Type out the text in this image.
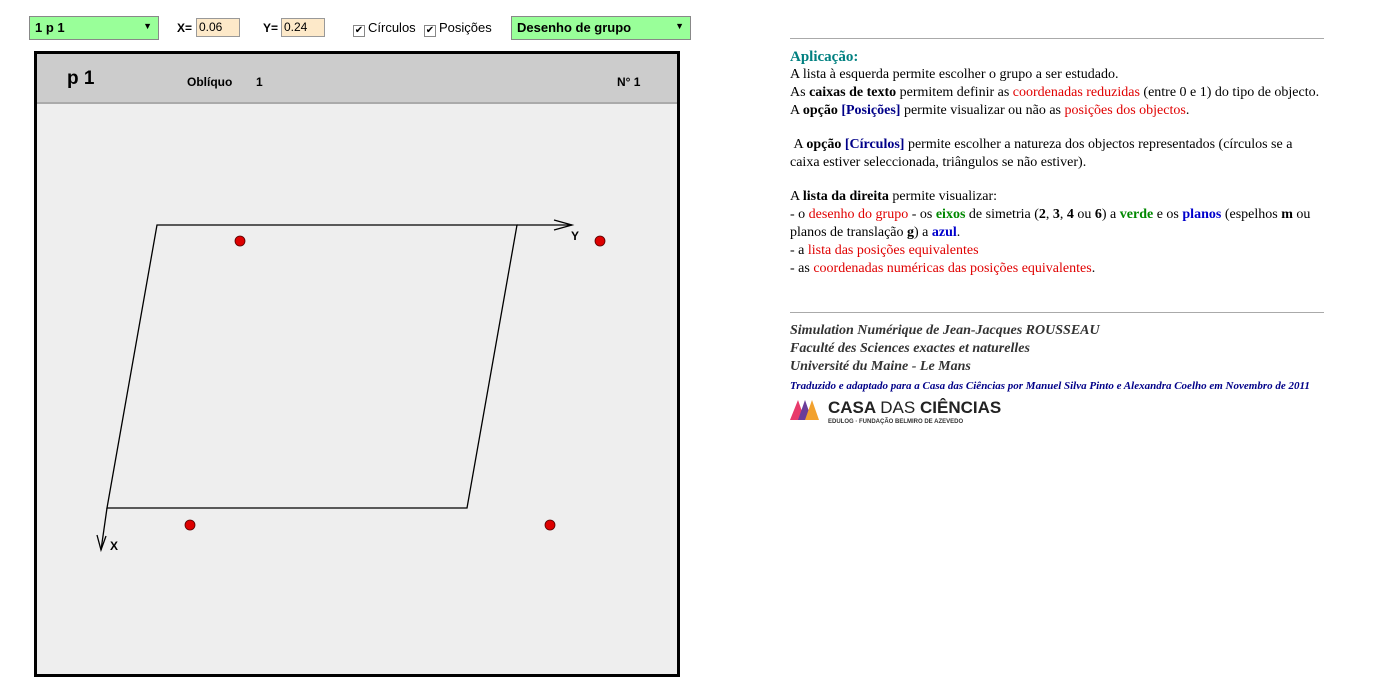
1 p 1	▼ X= 0.06	Y= 0.24	✔ Círculos ✔ Posições	Desenho de grupo	▼
p 1	Oblíquo 1	N° 1
Y
X

Aplicação:

A lista à esquerda permite escolher o grupo a ser estudado.

As caixas de texto permitem definir as coordenadas reduzidas (entre 0 e 1) do tipo de objecto.

A opção [Posições] permite visualizar ou não as posições dos objectos.

A opção [Círculos] permite escolher a natureza dos objectos representados (círculos se a caixa estiver seleccionada, triângulos se não estiver).

A lista da direita permite visualizar:

- o desenho do grupo - os eixos de simetria (2, 3, 4 ou 6) a verde e os planos (espelhos m ou planos de translação g) a azul.

- a lista das posições equivalentes

- as coordenadas numéricas das posições equivalentes.

Simulation Numérique de Jean-Jacques ROUSSEAU

Faculté des Sciences exactes et naturelles

Université du Maine - Le Mans

Traduzido e adaptado para a Casa das Ciências por Manuel Silva Pinto e Alexandra Coelho em Novembro de 2011

CASA DAS CIÊNCIAS
EDULOG · FUNDAÇÃO BELMIRO DE AZEVEDO
